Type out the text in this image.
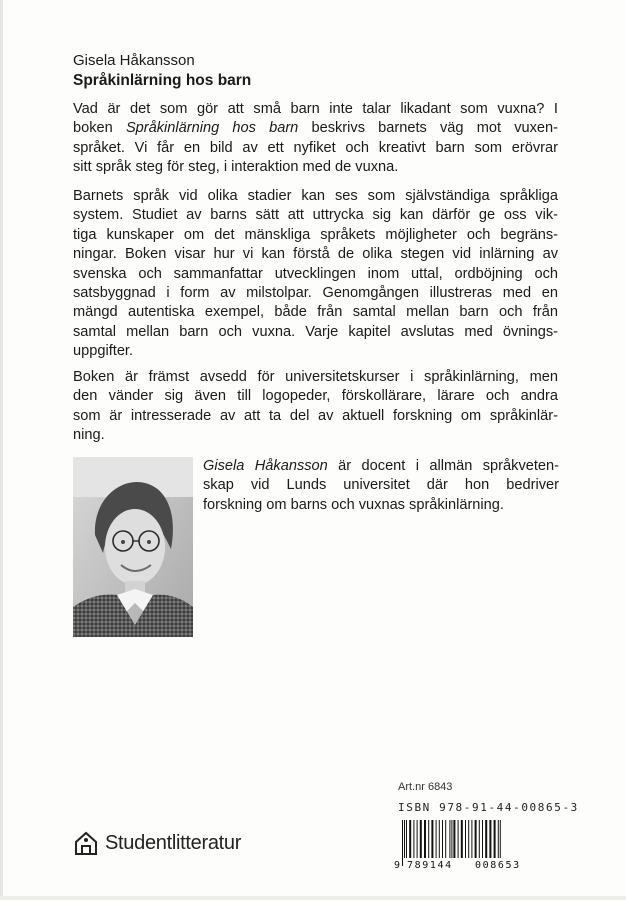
Gisela Håkansson
Språkinlärning hos barn
Vad är det som gör att små barn inte talar likadant som vuxna? I
boken Språkinlärning hos barn beskrivs barnets väg mot vuxen-
språket. Vi får en bild av ett nyfiket och kreativt barn som erövrar
sitt språk steg för steg, i interaktion med de vuxna.
Barnets språk vid olika stadier kan ses som självständiga språkliga
system. Studiet av barns sätt att uttrycka sig kan därför ge oss vik-
tiga kunskaper om det mänskliga språkets möjligheter och begräns-
ningar. Boken visar hur vi kan förstå de olika stegen vid inlärning av
svenska och sammanfattar utvecklingen inom uttal, ordböjning och
satsbyggnad i form av milstolpar. Genomgången illustreras med en
mängd autentiska exempel, både från samtal mellan barn och från
samtal mellan barn och vuxna. Varje kapitel avslutas med övnings-
uppgifter.
Boken är främst avsedd för universitetskurser i språkinlärning, men
den vänder sig även till logopeder, förskollärare, lärare och andra
som är intresserade av att ta del av aktuell forskning om språkinlär-
ning.
Gisela Håkansson är docent i allmän språkveten-
skap vid Lunds universitet där hon bedriver
forskning om barns och vuxnas språkinlärning.
Studentlitteratur
Art.nr 6843
ISBN 978-91-44-00865-3
9 789144 008653
